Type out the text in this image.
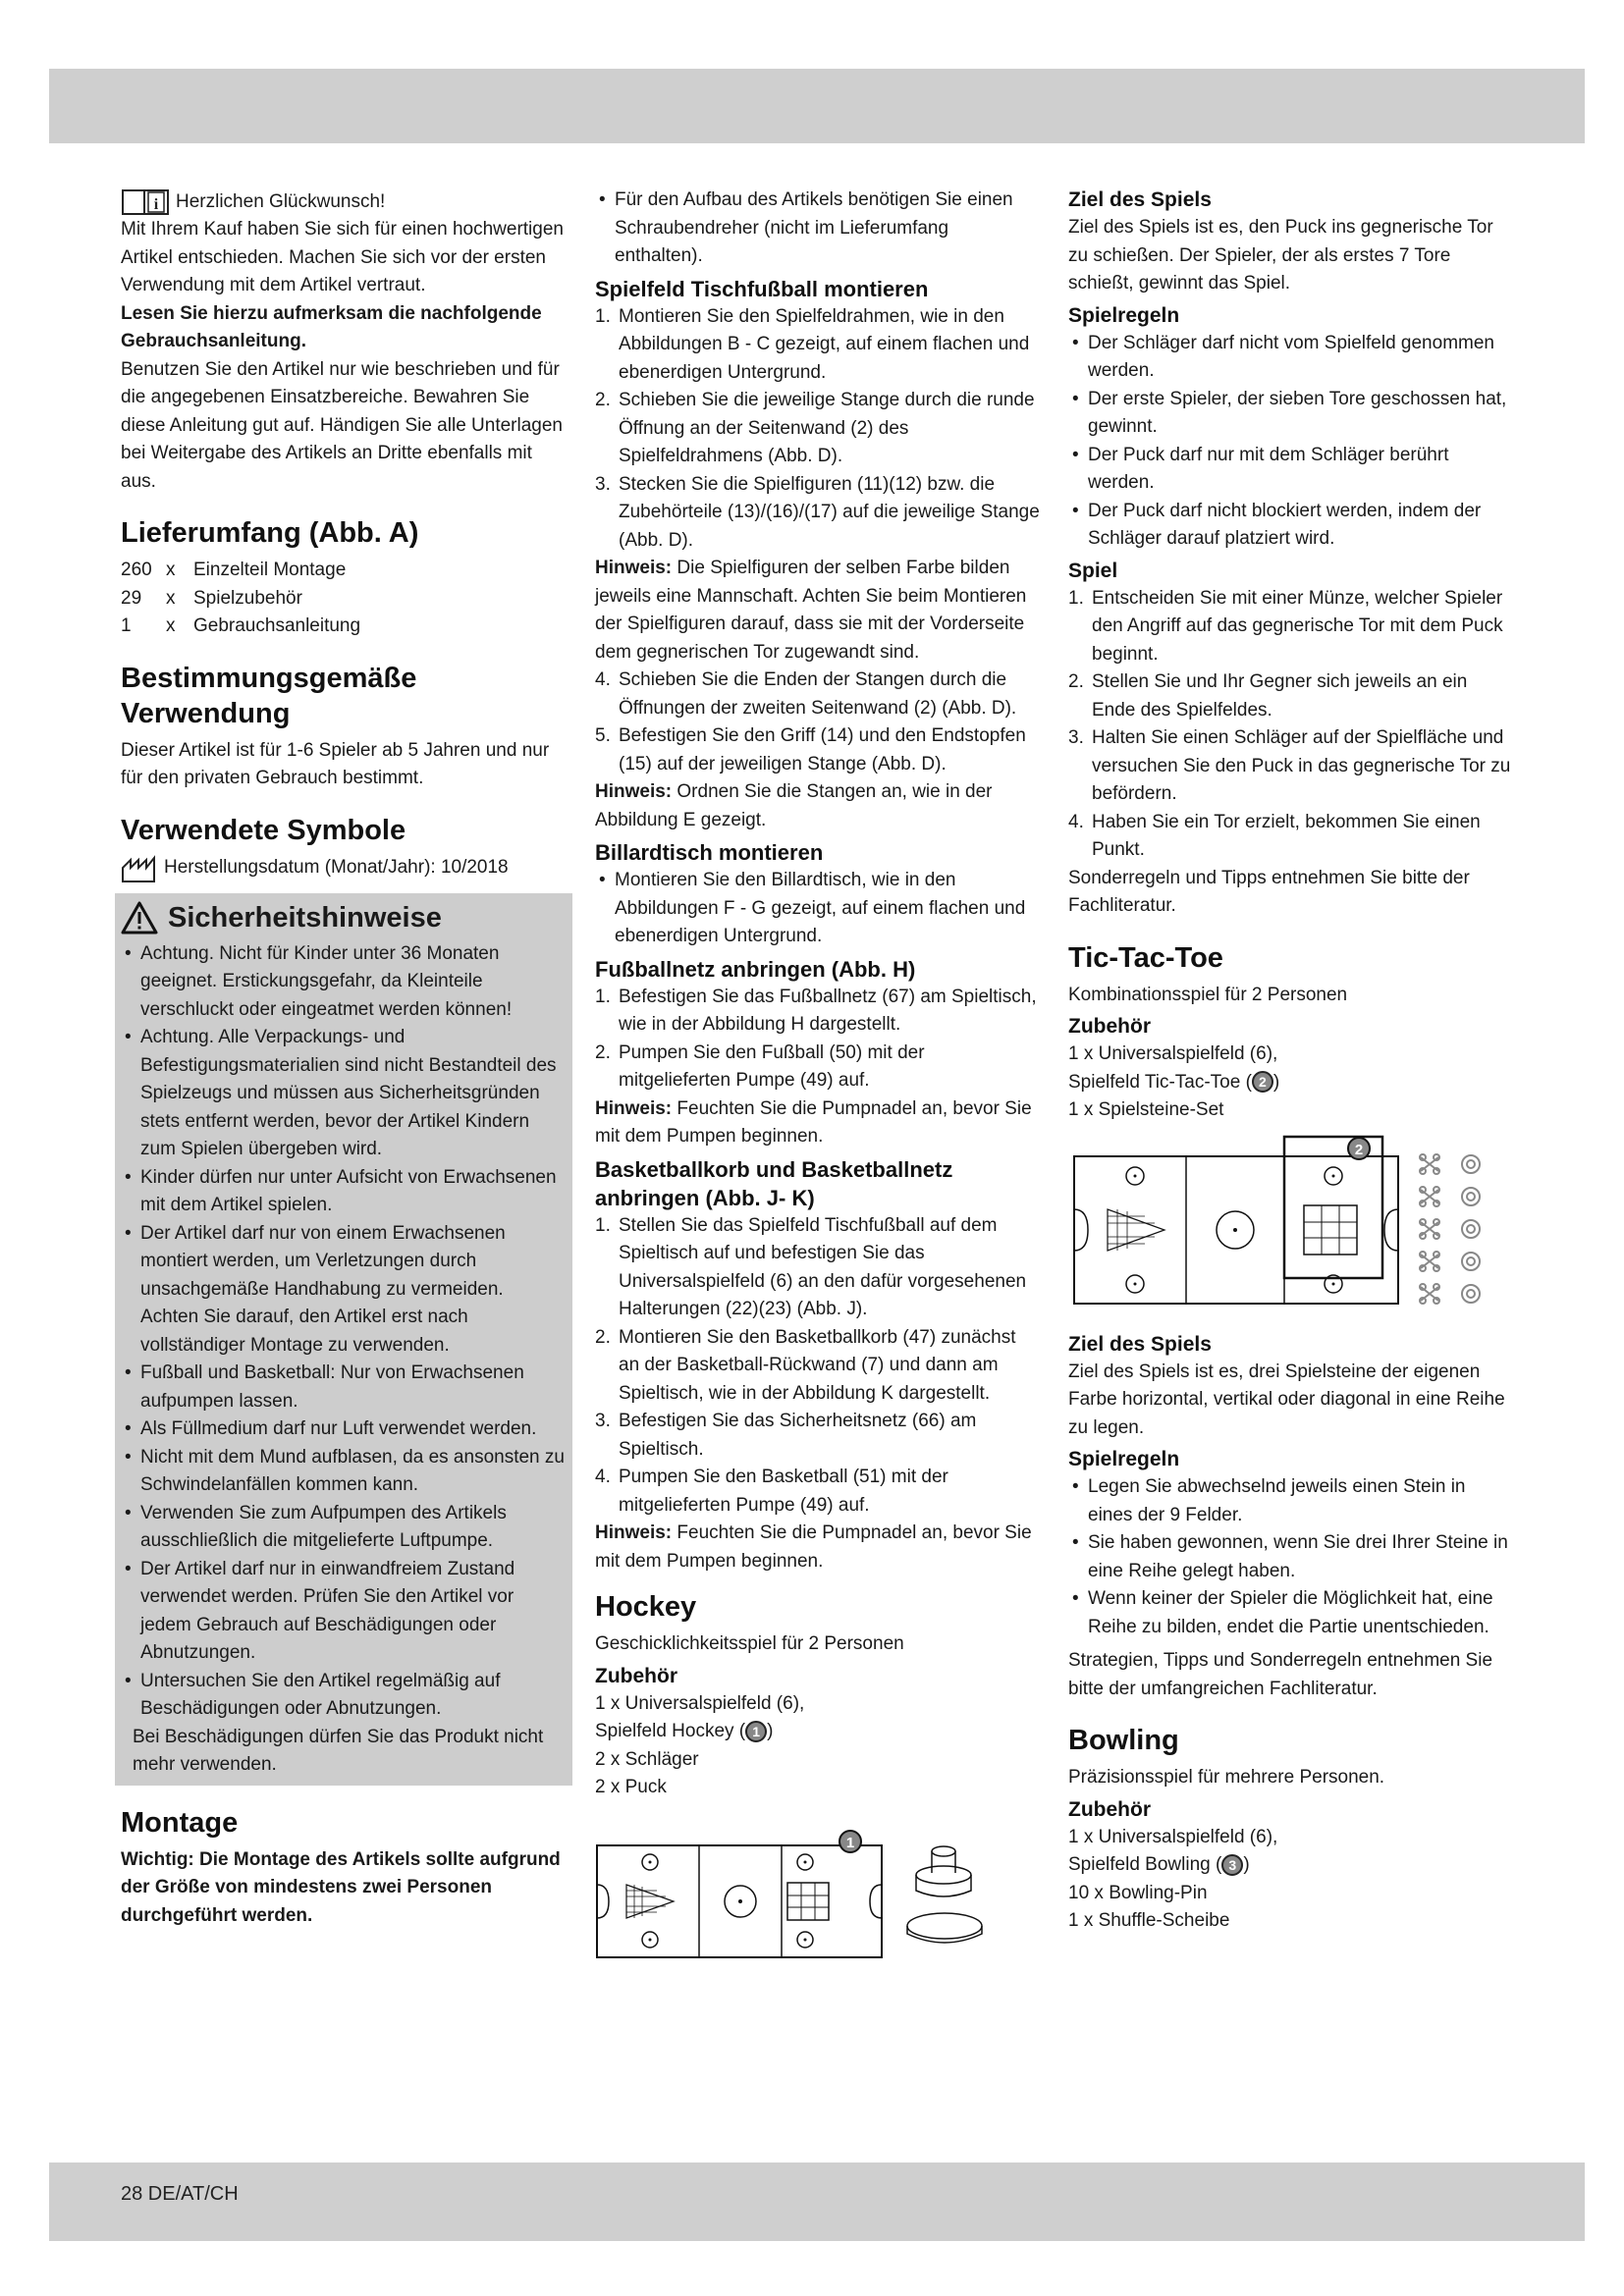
i Herzlichen Glückwunsch!

Mit Ihrem Kauf haben Sie sich für einen hochwertigen Artikel entschieden. Machen Sie sich vor der ersten Verwendung mit dem Artikel vertraut.

Lesen Sie hierzu aufmerksam die nachfolgende Gebrauchsanleitung.

Benutzen Sie den Artikel nur wie beschrieben und für die angegebenen Einsatzbereiche. Bewahren Sie diese Anleitung gut auf. Händigen Sie alle Unterlagen bei Weitergabe des Artikels an Dritte ebenfalls mit aus.

Lieferumfang (Abb. A)
260 x Einzelteil Montage
29	x Spielzubehör
1	x Gebrauchsanleitung
Bestimmungsgemäße Verwendung

Dieser Artikel ist für 1-6 Spieler ab 5 Jahren und nur für den privaten Gebrauch bestimmt.

Verwendete Symbole
Herstellungsdatum (Monat/Jahr): 10/2018
Sicherheitshinweise
• Achtung. Nicht für Kinder unter 36 Monaten geeignet. Erstickungsgefahr, da Kleinteile verschluckt oder eingeatmet werden können!
• Achtung. Alle Verpackungs- und Befestigungsmaterialien sind nicht Bestandteil des Spielzeugs und müssen aus Sicherheitsgründen stets entfernt werden, bevor der Artikel Kindern zum Spielen übergeben wird.
• Kinder dürfen nur unter Aufsicht von Erwachsenen mit dem Artikel spielen.
• Der Artikel darf nur von einem Erwachsenen montiert werden, um Verletzungen durch unsachgemäße Handhabung zu vermeiden. Achten Sie darauf, den Artikel erst nach vollständiger Montage zu verwenden.
• Fußball und Basketball: Nur von Erwachsenen aufpumpen lassen.
• Als Füllmedium darf nur Luft verwendet werden.
• Nicht mit dem Mund aufblasen, da es ansonsten zu Schwindelanfällen kommen kann.
• Verwenden Sie zum Aufpumpen des Artikels ausschließlich die mitgelieferte Luftpumpe.
• Der Artikel darf nur in einwandfreiem Zustand verwendet werden. Prüfen Sie den Artikel vor jedem Gebrauch auf Beschädigungen oder Abnutzungen.
• Untersuchen Sie den Artikel regelmäßig auf Beschädigungen oder Abnutzungen.

Bei Beschädigungen dürfen Sie das Produkt nicht mehr verwenden.

Montage

Wichtig: Die Montage des Artikels sollte aufgrund der Größe von mindestens zwei Personen durchgeführt werden.

• Für den Aufbau des Artikels benötigen Sie einen Schraubendreher (nicht im Lieferumfang enthalten).
Spielfeld Tischfußball montieren
1. Montieren Sie den Spielfeldrahmen, wie in den Abbildungen B - C gezeigt, auf einem flachen und ebenerdigen Untergrund.
2. Schieben Sie die jeweilige Stange durch die runde Öffnung an der Seitenwand (2) des Spielfeldrahmens (Abb. D).
3. Stecken Sie die Spielfiguren (11)(12) bzw. die Zubehörteile (13)/(16)/(17) auf die jeweilige Stange (Abb. D).

Hinweis: Die Spielfiguren der selben Farbe bilden jeweils eine Mannschaft. Achten Sie beim Montieren der Spielfiguren darauf, dass sie mit der Vorderseite dem gegnerischen Tor zugewandt sind.

4. Schieben Sie die Enden der Stangen durch die Öffnungen der zweiten Seitenwand (2) (Abb. D).
5. Befestigen Sie den Griff (14) und den Endstopfen (15) auf der jeweiligen Stange (Abb. D).

Hinweis: Ordnen Sie die Stangen an, wie in der Abbildung E gezeigt.

Billardtisch montieren
• Montieren Sie den Billardtisch, wie in den Abbildungen F - G gezeigt, auf einem flachen und ebenerdigen Untergrund.
Fußballnetz anbringen (Abb. H)
1. Befestigen Sie das Fußballnetz (67) am Spieltisch, wie in der Abbildung H dargestellt.
2. Pumpen Sie den Fußball (50) mit der mitgelieferten Pumpe (49) auf.

Hinweis: Feuchten Sie die Pumpnadel an, bevor Sie mit dem Pumpen beginnen.

Basketballkorb und Basketballnetz anbringen (Abb. J- K)
1. Stellen Sie das Spielfeld Tischfußball auf dem Spieltisch auf und befestigen Sie das Universalspielfeld (6) an den dafür vorgesehenen Halterungen (22)(23) (Abb. J).
2. Montieren Sie den Basketballkorb (47) zunächst an der Basketball-Rückwand (7) und dann am Spieltisch, wie in der Abbildung K dargestellt.
3. Befestigen Sie das Sicherheitsnetz (66) am Spieltisch.
4. Pumpen Sie den Basketball (51) mit der mitgelieferten Pumpe (49) auf.

Hinweis: Feuchten Sie die Pumpnadel an, bevor Sie mit dem Pumpen beginnen.

Hockey

Geschicklichkeitsspiel für 2 Personen

Zubehör

1 x Universalspielfeld (6),

Spielfeld Hockey ( 1 )

2 x Schläger

2 x Puck

1
Ziel des Spiels

Ziel des Spiels ist es, den Puck ins gegnerische Tor zu schießen. Der Spieler, der als erstes 7 Tore schießt, gewinnt das Spiel.

Spielregeln
• Der Schläger darf nicht vom Spielfeld genommen werden.
• Der erste Spieler, der sieben Tore geschossen hat, gewinnt.
• Der Puck darf nur mit dem Schläger berührt werden.
• Der Puck darf nicht blockiert werden, indem der Schläger darauf platziert wird.
Spiel
1. Entscheiden Sie mit einer Münze, welcher Spieler den Angriff auf das gegnerische Tor mit dem Puck beginnt.
2. Stellen Sie und Ihr Gegner sich jeweils an ein Ende des Spielfeldes.
3. Halten Sie einen Schläger auf der Spielfläche und versuchen Sie den Puck in das gegnerische Tor zu befördern.
4. Haben Sie ein Tor erzielt, bekommen Sie einen Punkt.

Sonderregeln und Tipps entnehmen Sie bitte der Fachliteratur.

Tic-Tac-Toe

Kombinationsspiel für 2 Personen

Zubehör

1 x Universalspielfeld (6),

Spielfeld Tic-Tac-Toe ( 2 )

1 x Spielsteine-Set

2
Ziel des Spiels

Ziel des Spiels ist es, drei Spielsteine der eigenen Farbe horizontal, vertikal oder diagonal in eine Reihe zu legen.

Spielregeln
• Legen Sie abwechselnd jeweils einen Stein in eines der 9 Felder.
• Sie haben gewonnen, wenn Sie drei Ihrer Steine in eine Reihe gelegt haben.
• Wenn keiner der Spieler die Möglichkeit hat, eine Reihe zu bilden, endet die Partie unentschieden.

Strategien, Tipps und Sonderregeln entnehmen Sie bitte der umfangreichen Fachliteratur.

Bowling

Präzisionsspiel für mehrere Personen.

Zubehör

1 x Universalspielfeld (6),

Spielfeld Bowling ( 3 )

10 x Bowling-Pin

1 x Shuffle-Scheibe

28 DE/AT/CH
